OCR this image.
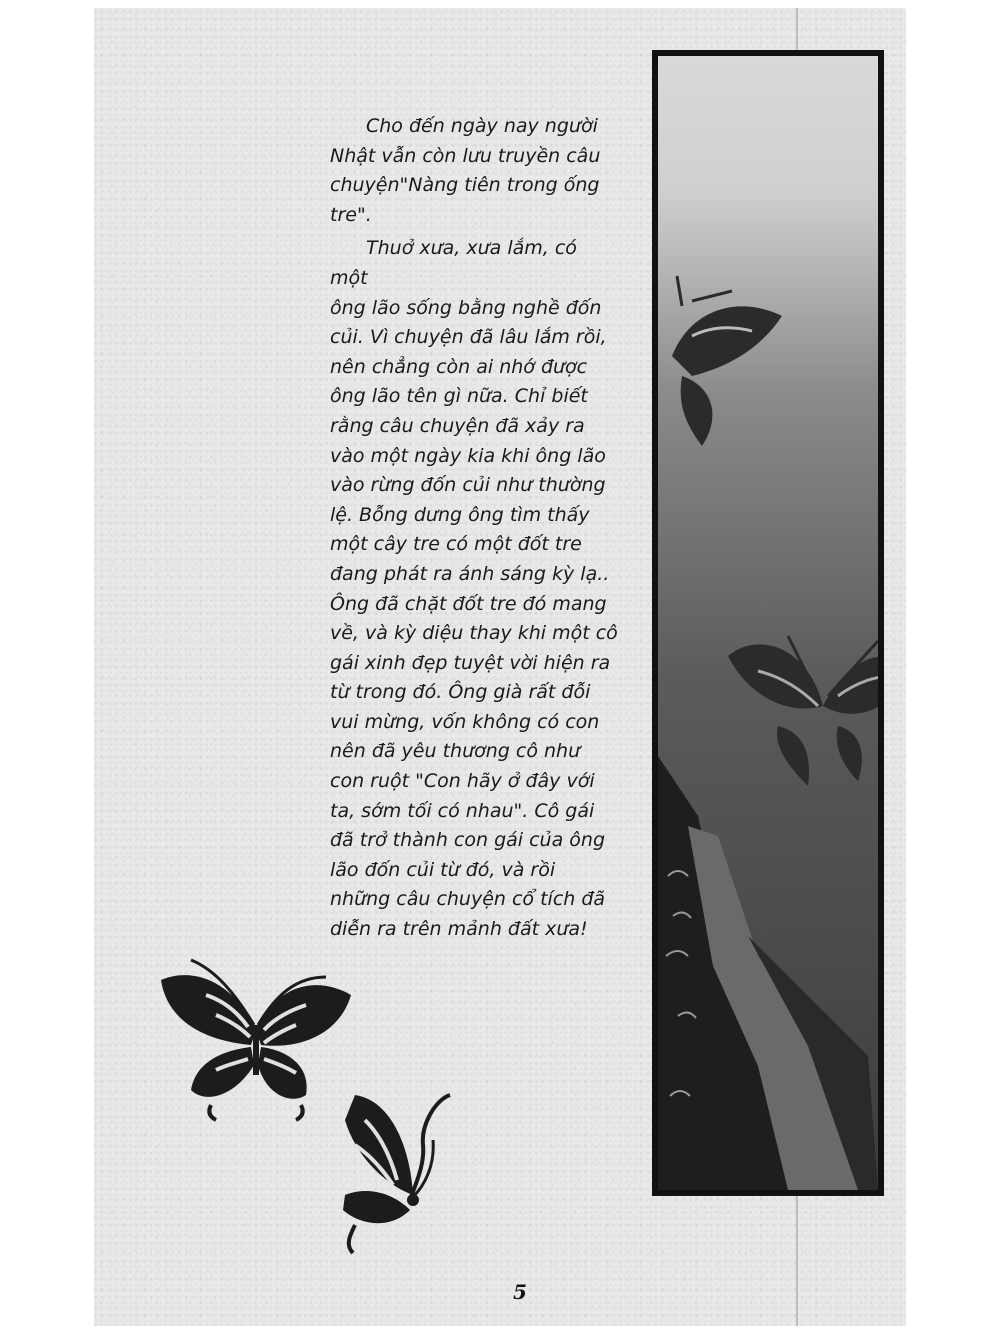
Cho đến ngày nay người
Nhật vẫn còn lưu truyền câu
chuyện"Nàng tiên trong ống
tre".

Thuở xưa, xưa lắm, có một
ông lão sống bằng nghề đốn
củi. Vì chuyện đã lâu lắm rồi,
nên chẳng còn ai nhớ được
ông lão tên gì nữa. Chỉ biết
rằng câu chuyện đã xảy ra
vào một ngày kia khi ông lão
vào rừng đốn củi như thường
lệ. Bỗng dưng ông tìm thấy
một cây tre có một đốt tre
đang phát ra ánh sáng kỳ lạ..
Ông đã chặt đốt tre đó mang
về, và kỳ diệu thay khi một cô
gái xinh đẹp tuyệt vời hiện ra
từ trong đó. Ông già rất đỗi
vui mừng, vốn không có con
nên đã yêu thương cô như
con ruột "Con hãy ở đây với
ta, sớm tối có nhau". Cô gái
đã trở thành con gái của ông
lão đốn củi từ đó, và rồi
những câu chuyện cổ tích đã
diễn ra trên mảnh đất xưa!

5
